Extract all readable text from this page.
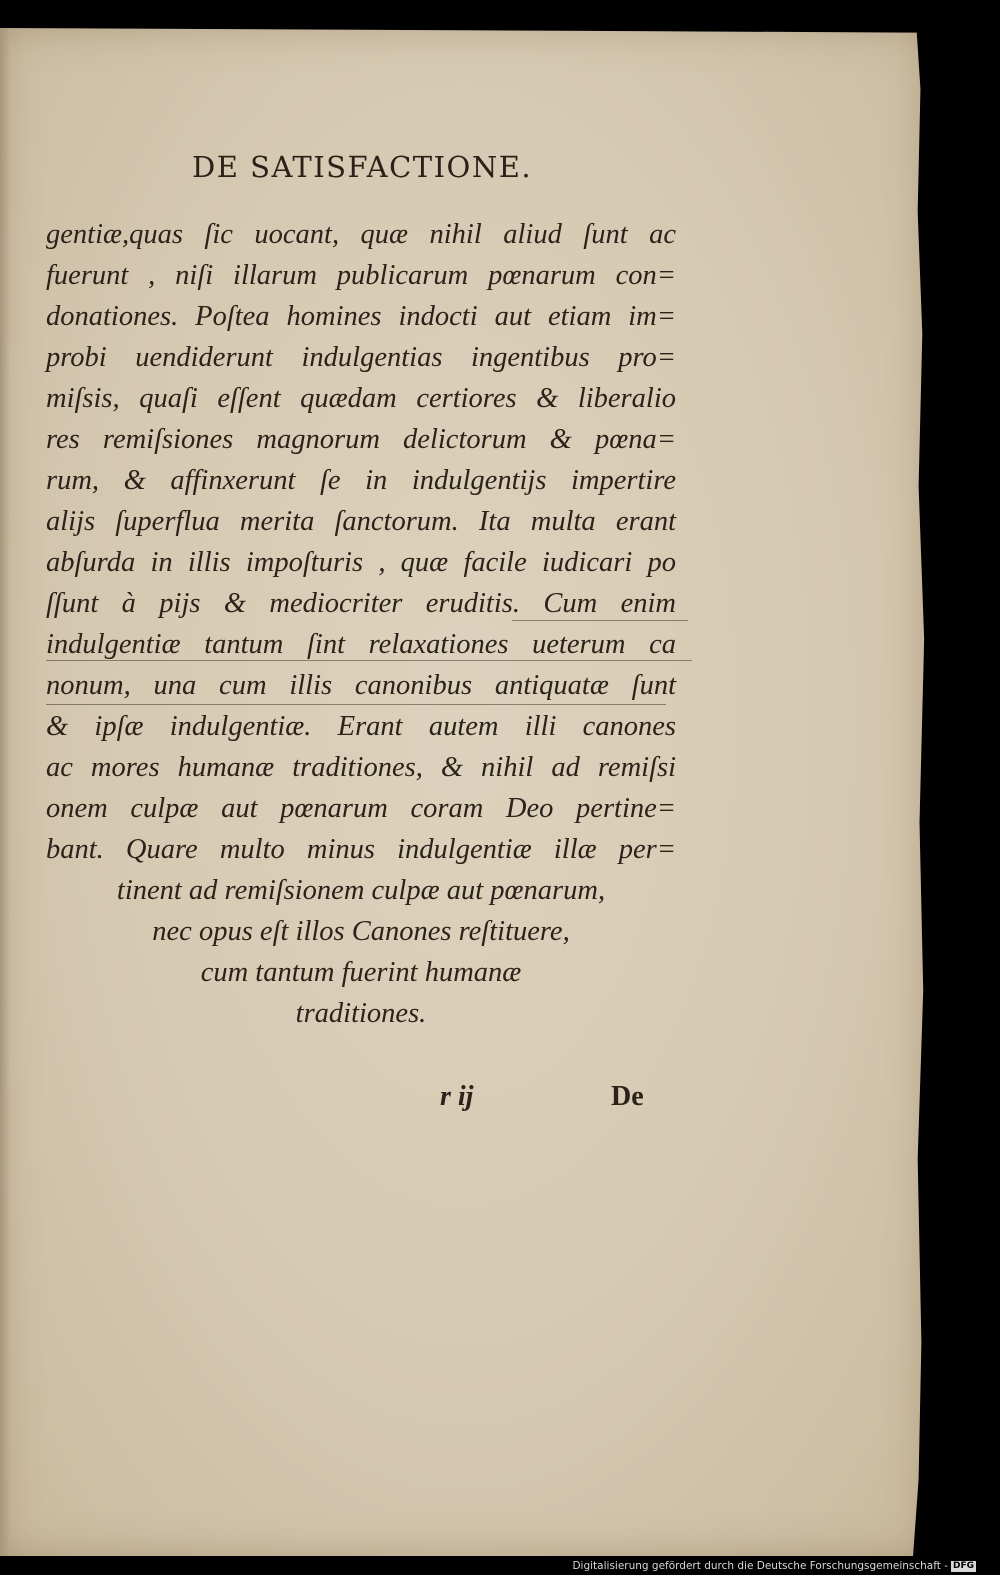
DE SATISFACTIONE.
gentiæ,quas ſic uocant, quæ nihil aliud ſunt ac
fuerunt , niſi illarum publicarum pœnarum con=
donationes. Poſtea homines indocti aut etiam im=
probi uendiderunt indulgentias ingentibus pro=
miſsis, quaſi eſſent quædam certiores & liberalio
res remiſsiones magnorum delictorum & pœna=
rum, & affinxerunt ſe in indulgentijs impertire
alijs ſuperflua merita ſanctorum. Ita multa erant
abſurda in illis impoſturis , quæ facile iudicari po
ſſunt à pijs & mediocriter eruditis. Cum enim
indulgentiæ tantum ſint relaxationes ueterum ca
nonum, una cum illis canonibus antiquatæ ſunt
& ipſæ indulgentiæ. Erant autem illi canones
ac mores humanæ traditiones, & nihil ad remiſsi
onem culpæ aut pœnarum coram Deo pertine=
bant. Quare multo minus indulgentiæ illæ per=
tinent ad remiſsionem culpæ aut pœnarum,
nec opus eſt illos Canones reſtituere,
cum tantum fuerint humanæ
traditiones.
r ij	De
Digitalisierung gefördert durch die Deutsche Forschungsgemeinschaft - DFG
